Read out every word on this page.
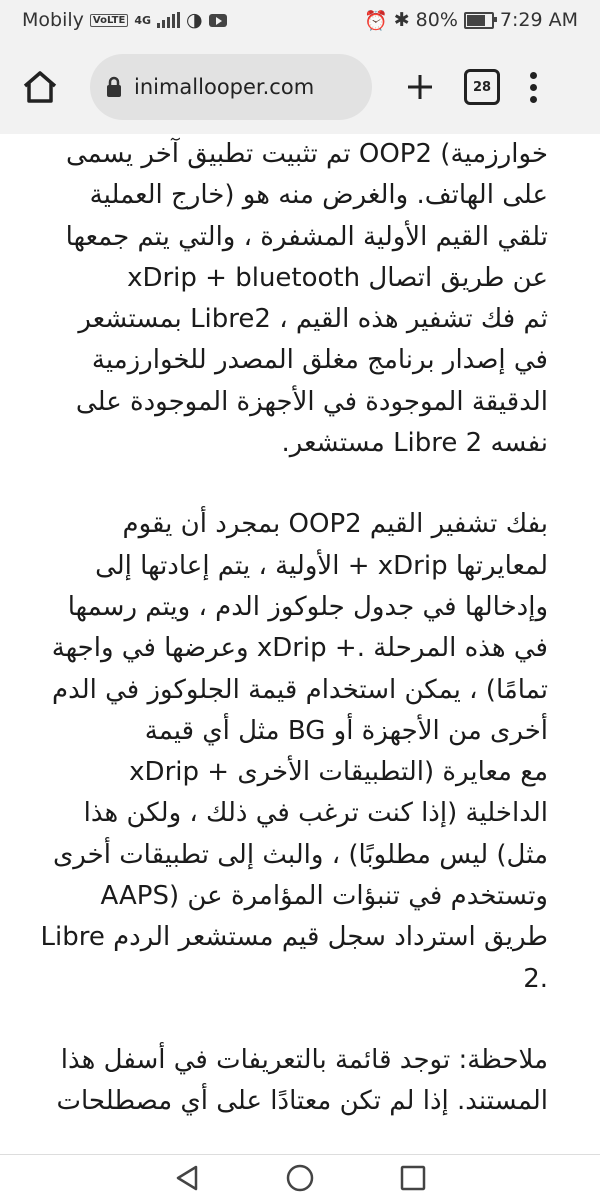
Mobily VoLTE 4G ◑	⏰ ✱ 80% 7:29 AM
inimallooper.com	28

خوارزمية) OOP2 تم تثبيت تطبيق آخر يسمى
على الهاتف. والغرض منه هو (خارج العملية
تلقي القيم الأولية المشفرة ، والتي يتم جمعها
xDrip + bluetooth عن طريق اتصال
ثم فك تشفير هذه القيم ، Libre2 بمستشعر
في إصدار برنامج مغلق المصدر للخوارزمية
الدقيقة الموجودة في الأجهزة الموجودة على
نفسه Libre 2 مستشعر.

بفك تشفير القيم OOP2 بمجرد أن يقوم
لمعايرتها xDrip + الأولية ، يتم إعادتها إلى
وإدخالها في جدول جلوكوز الدم ، ويتم رسمها
في هذه المرحلة .+ xDrip وعرضها في واجهة
تمامًا) ، يمكن استخدام قيمة الجلوكوز في الدم
أخرى من الأجهزة أو BG مثل أي قيمة
xDrip + مع معايرة (التطبيقات الأخرى
الداخلية (إذا كنت ترغب في ذلك ، ولكن هذا
مثل) ليس مطلوبًا) ، والبث إلى تطبيقات أخرى
وتستخدم في تنبؤات المؤامرة عن (AAPS
Libre طريق استرداد سجل قيم مستشعر الردم
2.

ملاحظة: توجد قائمة بالتعريفات في أسفل هذا
المستند. إذا لم تكن معتادًا على أي مصطلحات
